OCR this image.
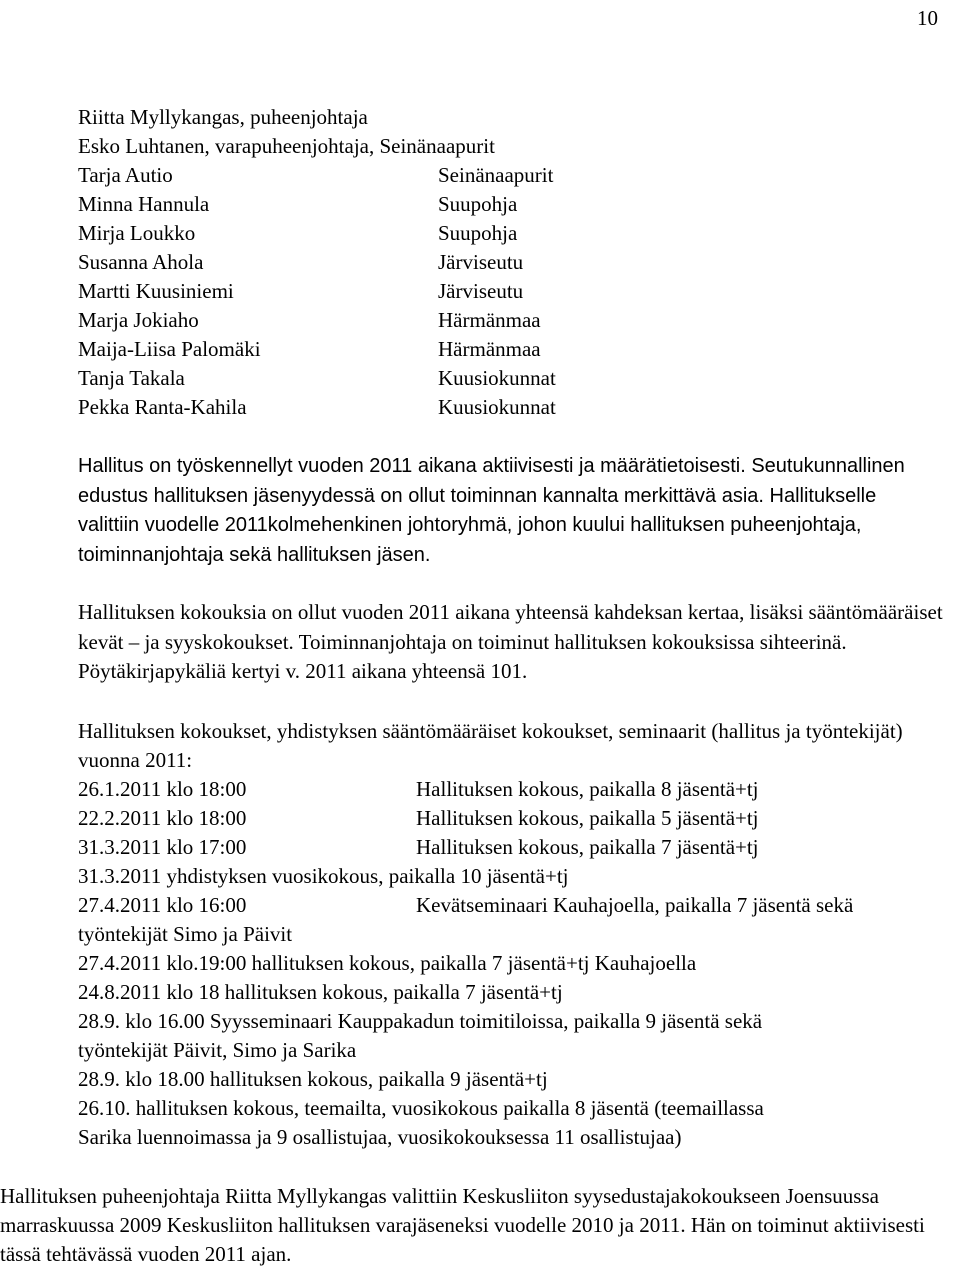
10
Riitta Myllykangas, puheenjohtaja
Esko Luhtanen, varapuheenjohtaja, Seinänaapurit
Tarja Autio	Seinänaapurit
Minna Hannula	Suupohja
Mirja Loukko	Suupohja
Susanna Ahola	Järviseutu
Martti Kuusiniemi	Järviseutu
Marja Jokiaho	Härmänmaa
Maija-Liisa Palomäki	Härmänmaa
Tanja Takala	Kuusiokunnat
Pekka Ranta-Kahila	Kuusiokunnat

Hallitus on työskennellyt vuoden 2011 aikana aktiivisesti ja määrätietoisesti. Seutukunnallinen edustus hallituksen jäsenyydessä on ollut toiminnan kannalta merkittävä asia. Hallitukselle valittiin vuodelle 2011kolmehenkinen johtoryhmä, johon kuului hallituksen puheenjohtaja, toiminnanjohtaja sekä hallituksen jäsen.

Hallituksen kokouksia on ollut vuoden 2011 aikana yhteensä kahdeksan kertaa, lisäksi sääntömääräiset kevät – ja syyskokoukset. Toiminnanjohtaja on toiminut hallituksen kokouksissa sihteerinä. Pöytäkirjapykäliä kertyi v. 2011 aikana yhteensä 101.

Hallituksen kokoukset, yhdistyksen sääntömääräiset kokoukset, seminaarit (hallitus ja työntekijät) vuonna 2011:

26.1.2011 klo 18:00	Hallituksen kokous, paikalla 8 jäsentä+tj
22.2.2011 klo 18:00	Hallituksen kokous, paikalla 5 jäsentä+tj
31.3.2011 klo 17:00	Hallituksen kokous, paikalla 7 jäsentä+tj
31.3.2011 yhdistyksen vuosikokous, paikalla 10 jäsentä+tj
27.4.2011 klo 16:00	Kevätseminaari Kauhajoella, paikalla 7 jäsentä sekä
työntekijät Simo ja Päivit
27.4.2011 klo.19:00 hallituksen kokous, paikalla 7 jäsentä+tj Kauhajoella
24.8.2011 klo 18 hallituksen kokous, paikalla 7 jäsentä+tj
28.9. klo 16.00 Syysseminaari Kauppakadun toimitiloissa, paikalla 9 jäsentä sekä
työntekijät Päivit, Simo ja Sarika
28.9. klo 18.00 hallituksen kokous, paikalla 9 jäsentä+tj
26.10. hallituksen kokous, teemailta, vuosikokous paikalla 8 jäsentä (teemaillassa
Sarika luennoimassa ja 9 osallistujaa, vuosikokouksessa 11 osallistujaa)

Hallituksen puheenjohtaja Riitta Myllykangas valittiin Keskusliiton syysedustajakokoukseen Joensuussa marraskuussa 2009 Keskusliiton hallituksen varajäseneksi vuodelle 2010 ja 2011. Hän on toiminut aktiivisesti tässä tehtävässä vuoden 2011 ajan.
